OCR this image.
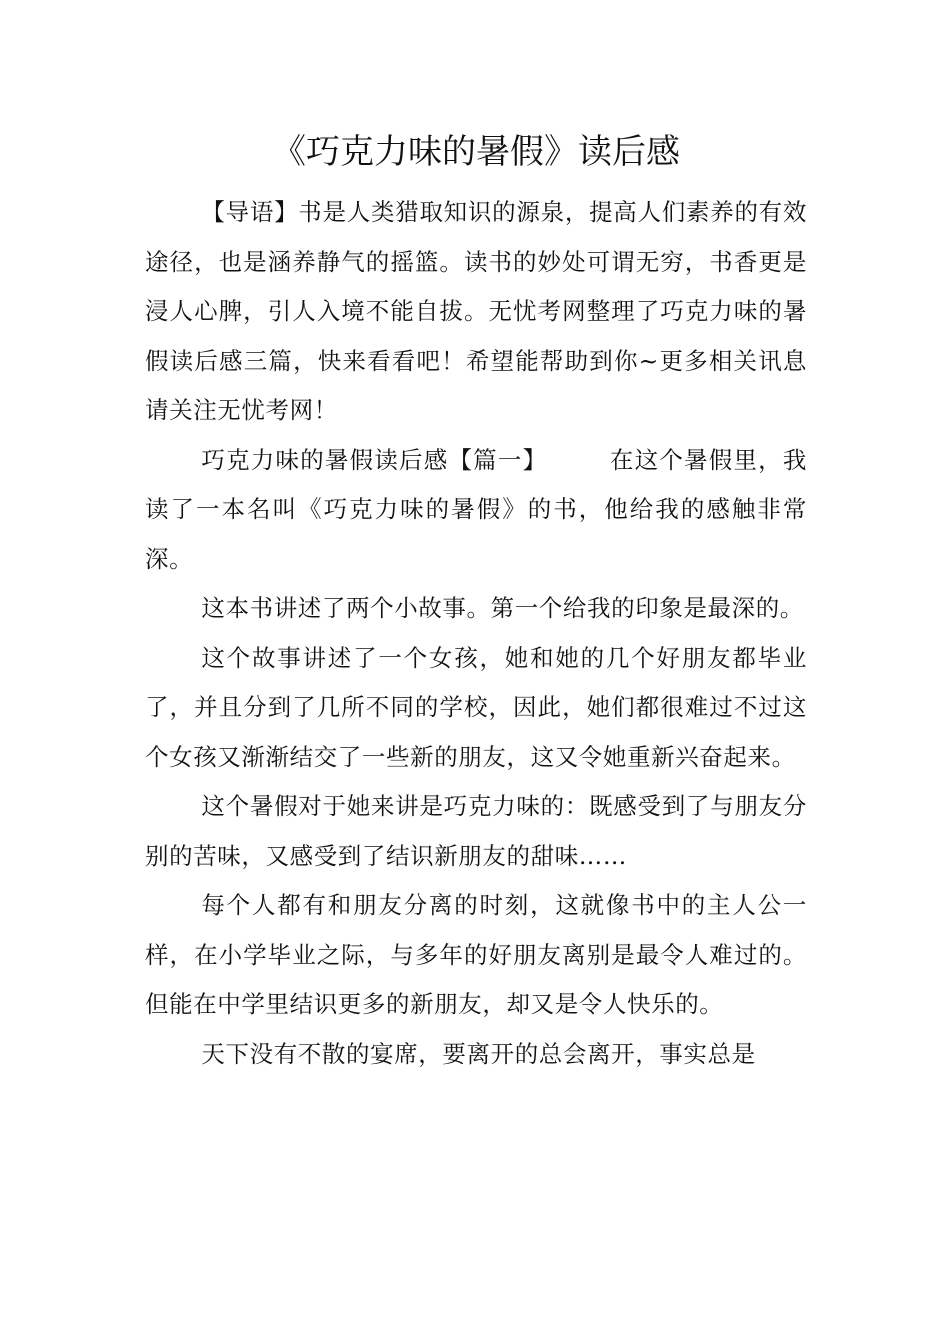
《巧克力味的暑假》读后感

【导语】书是人类猎取知识的源泉，提高人们素养的有效途径，也是涵养静气的摇篮。读书的妙处可谓无穷，书香更是浸人心脾，引人入境不能自拔。无忧考网整理了巧克力味的暑假读后感三篇，快来看看吧！希望能帮助到你~更多相关讯息请关注无忧考网！

巧克力味的暑假读后感【篇一】	在这个暑假里，我读了一本名叫《巧克力味的暑假》的书，他给我的感触非常深。

这本书讲述了两个小故事。第一个给我的印象是最深的。

这个故事讲述了一个女孩，她和她的几个好朋友都毕业了，并且分到了几所不同的学校，因此，她们都很难过不过这个女孩又渐渐结交了一些新的朋友，这又令她重新兴奋起来。

这个暑假对于她来讲是巧克力味的：既感受到了与朋友分别的苦味，又感受到了结识新朋友的甜味……

每个人都有和朋友分离的时刻，这就像书中的主人公一样，在小学毕业之际，与多年的好朋友离别是最令人难过的。但能在中学里结识更多的新朋友，却又是令人快乐的。

天下没有不散的宴席，要离开的总会离开，事实总是
